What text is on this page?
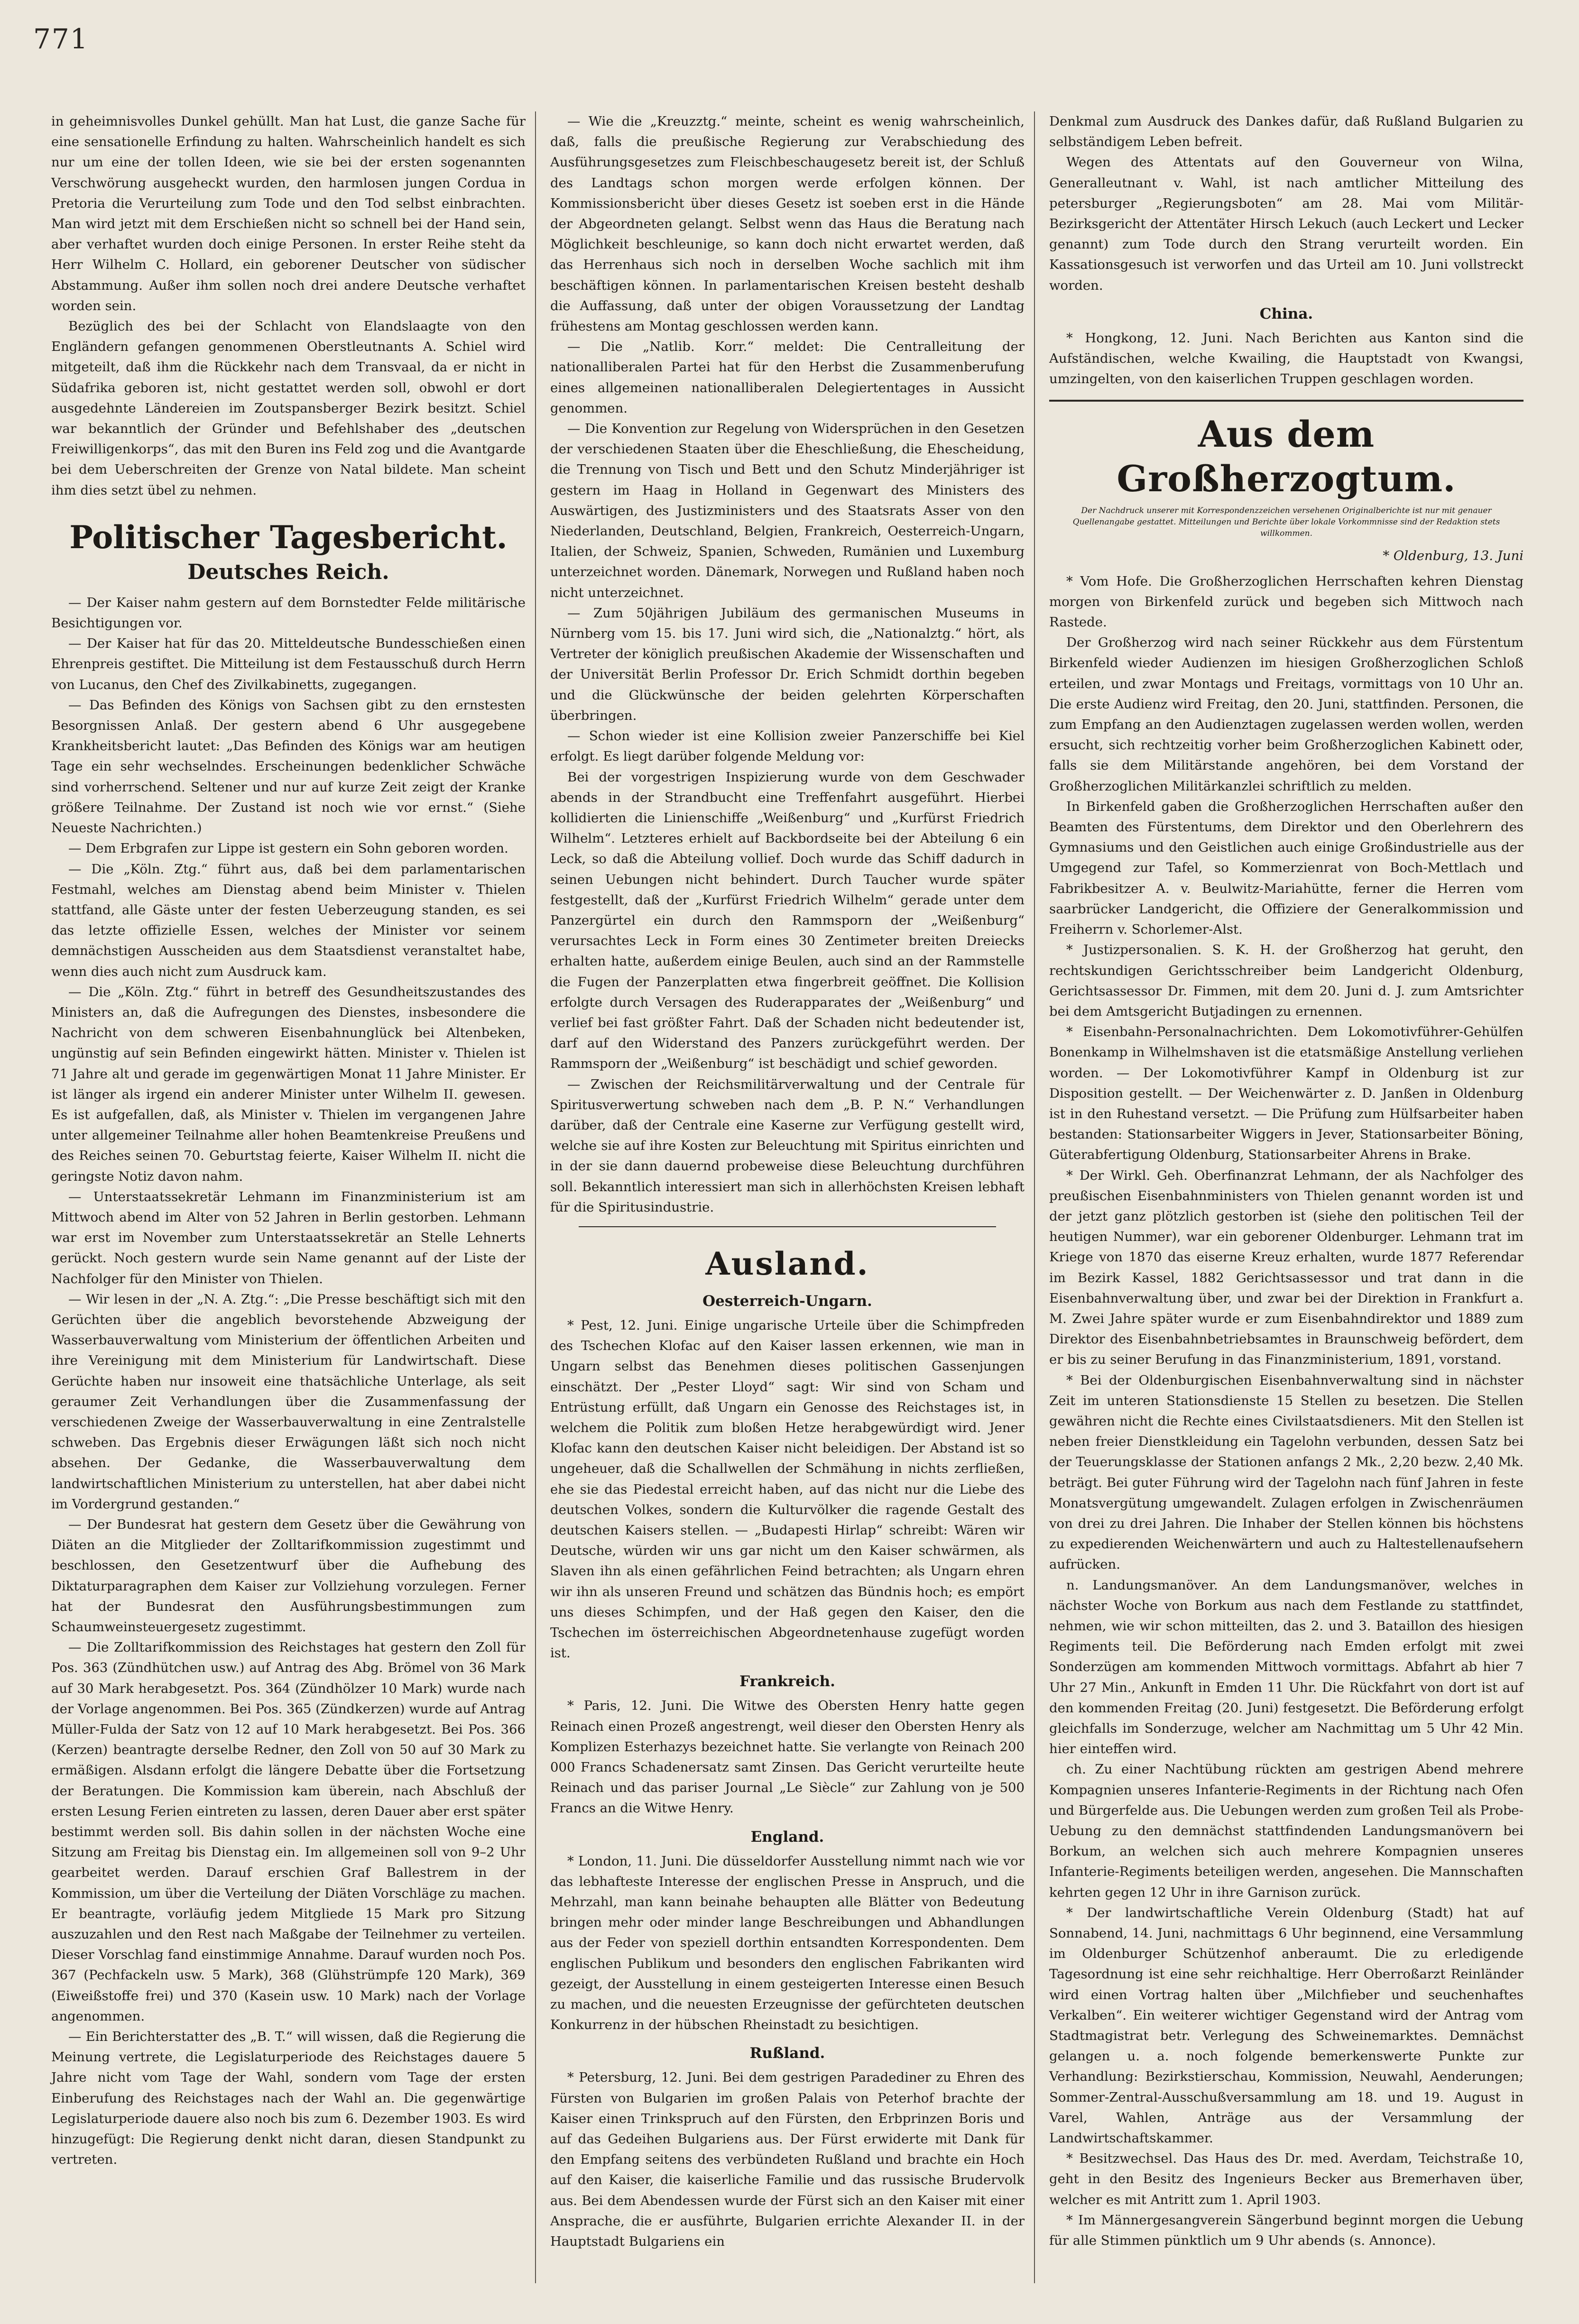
771

in geheimnisvolles Dunkel gehüllt. Man hat Lust, die ganze Sache für eine sensationelle Erfindung zu halten. Wahrscheinlich handelt es sich nur um eine der tollen Ideen, wie sie bei der ersten sogenannten Verschwörung ausgeheckt wurden, den harmlosen jungen Cordua in Pretoria die Verurteilung zum Tode und den Tod selbst einbrachten. Man wird jetzt mit dem Erschießen nicht so schnell bei der Hand sein, aber verhaftet wurden doch einige Personen. In erster Reihe steht da Herr Wilhelm C. Hollard, ein geborener Deutscher von südischer Abstammung. Außer ihm sollen noch drei andere Deutsche verhaftet worden sein.

Bezüglich des bei der Schlacht von Elandslaagte von den Engländern gefangen genommenen Oberstleutnants A. Schiel wird mitgeteilt, daß ihm die Rückkehr nach dem Transvaal, da er nicht in Südafrika geboren ist, nicht gestattet werden soll, obwohl er dort ausgedehnte Ländereien im Zoutspansberger Bezirk besitzt. Schiel war bekanntlich der Gründer und Befehlshaber des „deutschen Freiwilligenkorps“, das mit den Buren ins Feld zog und die Avantgarde bei dem Ueberschreiten der Grenze von Natal bildete. Man scheint ihm dies setzt übel zu nehmen.

Politischer Tagesbericht.
Deutsches Reich.

— Der Kaiser nahm gestern auf dem Bornstedter Felde militärische Besichtigungen vor.

— Der Kaiser hat für das 20. Mitteldeutsche Bundesschießen einen Ehrenpreis gestiftet. Die Mitteilung ist dem Festausschuß durch Herrn von Lucanus, den Chef des Zivilkabinetts, zugegangen.

— Das Befinden des Königs von Sachsen gibt zu den ernstesten Besorgnissen Anlaß. Der gestern abend 6 Uhr ausgegebene Krankheitsbericht lautet: „Das Befinden des Königs war am heutigen Tage ein sehr wechselndes. Erscheinungen bedenklicher Schwäche sind vorherrschend. Seltener und nur auf kurze Zeit zeigt der Kranke größere Teilnahme. Der Zustand ist noch wie vor ernst.“ (Siehe Neueste Nachrichten.)

— Dem Erbgrafen zur Lippe ist gestern ein Sohn geboren worden.

— Die „Köln. Ztg.“ führt aus, daß bei dem parlamentarischen Festmahl, welches am Dienstag abend beim Minister v. Thielen stattfand, alle Gäste unter der festen Ueberzeugung standen, es sei das letzte offizielle Essen, welches der Minister vor seinem demnächstigen Ausscheiden aus dem Staatsdienst veranstaltet habe, wenn dies auch nicht zum Ausdruck kam.

— Die „Köln. Ztg.“ führt in betreff des Gesundheitszustandes des Ministers an, daß die Aufregungen des Dienstes, insbesondere die Nachricht von dem schweren Eisenbahnunglück bei Altenbeken, ungünstig auf sein Befinden eingewirkt hätten. Minister v. Thielen ist 71 Jahre alt und gerade im gegenwärtigen Monat 11 Jahre Minister. Er ist länger als irgend ein anderer Minister unter Wilhelm II. gewesen. Es ist aufgefallen, daß, als Minister v. Thielen im vergangenen Jahre unter allgemeiner Teilnahme aller hohen Beamtenkreise Preußens und des Reiches seinen 70. Geburtstag feierte, Kaiser Wilhelm II. nicht die geringste Notiz davon nahm.

— Unterstaatssekretär Lehmann im Finanzministerium ist am Mittwoch abend im Alter von 52 Jahren in Berlin gestorben. Lehmann war erst im November zum Unterstaatssekretär an Stelle Lehnerts gerückt. Noch gestern wurde sein Name genannt auf der Liste der Nachfolger für den Minister von Thielen.

— Wir lesen in der „N. A. Ztg.“: „Die Presse beschäftigt sich mit den Gerüchten über die angeblich bevorstehende Abzweigung der Wasserbauverwaltung vom Ministerium der öffentlichen Arbeiten und ihre Vereinigung mit dem Ministerium für Landwirtschaft. Diese Gerüchte haben nur insoweit eine thatsächliche Unterlage, als seit geraumer Zeit Verhandlungen über die Zusammenfassung der verschiedenen Zweige der Wasserbauverwaltung in eine Zentralstelle schweben. Das Ergebnis dieser Erwägungen läßt sich noch nicht absehen. Der Gedanke, die Wasserbauverwaltung dem landwirtschaftlichen Ministerium zu unterstellen, hat aber dabei nicht im Vordergrund gestanden.“

— Der Bundesrat hat gestern dem Gesetz über die Gewährung von Diäten an die Mitglieder der Zolltarifkommission zugestimmt und beschlossen, den Gesetzentwurf über die Aufhebung des Diktaturparagraphen dem Kaiser zur Vollziehung vorzulegen. Ferner hat der Bundesrat den Ausführungsbestimmungen zum Schaumweinsteuergesetz zugestimmt.

— Die Zolltarifkommission des Reichstages hat gestern den Zoll für Pos. 363 (Zündhütchen usw.) auf Antrag des Abg. Brömel von 36 Mark auf 30 Mark herabgesetzt. Pos. 364 (Zündhölzer 10 Mark) wurde nach der Vorlage angenommen. Bei Pos. 365 (Zündkerzen) wurde auf Antrag Müller-Fulda der Satz von 12 auf 10 Mark herabgesetzt. Bei Pos. 366 (Kerzen) beantragte derselbe Redner, den Zoll von 50 auf 30 Mark zu ermäßigen. Alsdann erfolgt die längere Debatte über die Fortsetzung der Beratungen. Die Kommission kam überein, nach Abschluß der ersten Lesung Ferien eintreten zu lassen, deren Dauer aber erst später bestimmt werden soll. Bis dahin sollen in der nächsten Woche eine Sitzung am Freitag bis Dienstag ein. Im allgemeinen soll von 9–2 Uhr gearbeitet werden. Darauf erschien Graf Ballestrem in der Kommission, um über die Verteilung der Diäten Vorschläge zu machen. Er beantragte, vorläufig jedem Mitgliede 15 Mark pro Sitzung auszuzahlen und den Rest nach Maßgabe der Teilnehmer zu verteilen. Dieser Vorschlag fand einstimmige Annahme. Darauf wurden noch Pos. 367 (Pechfackeln usw. 5 Mark), 368 (Glühstrümpfe 120 Mark), 369 (Eiweißstoffe frei) und 370 (Kasein usw. 10 Mark) nach der Vorlage angenommen.

— Ein Berichterstatter des „B. T.“ will wissen, daß die Regierung die Meinung vertrete, die Legislaturperiode des Reichstages dauere 5 Jahre nicht vom Tage der Wahl, sondern vom Tage der ersten Einberufung des Reichstages nach der Wahl an. Die gegenwärtige Legislaturperiode dauere also noch bis zum 6. Dezember 1903. Es wird hinzugefügt: Die Regierung denkt nicht daran, diesen Standpunkt zu vertreten.

— Wie die „Kreuzztg.“ meinte, scheint es wenig wahrscheinlich, daß, falls die preußische Regierung zur Verabschiedung des Ausführungsgesetzes zum Fleischbeschaugesetz bereit ist, der Schluß des Landtags schon morgen werde erfolgen können. Der Kommissionsbericht über dieses Gesetz ist soeben erst in die Hände der Abgeordneten gelangt. Selbst wenn das Haus die Beratung nach Möglichkeit beschleunige, so kann doch nicht erwartet werden, daß das Herrenhaus sich noch in derselben Woche sachlich mit ihm beschäftigen können. In parlamentarischen Kreisen besteht deshalb die Auffassung, daß unter der obigen Voraussetzung der Landtag frühestens am Montag geschlossen werden kann.

— Die „Natlib. Korr.“ meldet: Die Centralleitung der nationalliberalen Partei hat für den Herbst die Zusammenberufung eines allgemeinen nationalliberalen Delegiertentages in Aussicht genommen.

— Die Konvention zur Regelung von Widersprüchen in den Gesetzen der verschiedenen Staaten über die Eheschließung, die Ehescheidung, die Trennung von Tisch und Bett und den Schutz Minderjähriger ist gestern im Haag in Holland in Gegenwart des Ministers des Auswärtigen, des Justizministers und des Staatsrats Asser von den Niederlanden, Deutschland, Belgien, Frankreich, Oesterreich-Ungarn, Italien, der Schweiz, Spanien, Schweden, Rumänien und Luxemburg unterzeichnet worden. Dänemark, Norwegen und Rußland haben noch nicht unterzeichnet.

— Zum 50jährigen Jubiläum des germanischen Museums in Nürnberg vom 15. bis 17. Juni wird sich, die „Nationalztg.“ hört, als Vertreter der königlich preußischen Akademie der Wissenschaften und der Universität Berlin Professor Dr. Erich Schmidt dorthin begeben und die Glückwünsche der beiden gelehrten Körperschaften überbringen.

— Schon wieder ist eine Kollision zweier Panzerschiffe bei Kiel erfolgt. Es liegt darüber folgende Meldung vor:

Bei der vorgestrigen Inspizierung wurde von dem Geschwader abends in der Strandbucht eine Treffenfahrt ausgeführt. Hierbei kollidierten die Linienschiffe „Weißenburg“ und „Kurfürst Friedrich Wilhelm“. Letzteres erhielt auf Backbordseite bei der Abteilung 6 ein Leck, so daß die Abteilung vollief. Doch wurde das Schiff dadurch in seinen Uebungen nicht behindert. Durch Taucher wurde später festgestellt, daß der „Kurfürst Friedrich Wilhelm“ gerade unter dem Panzergürtel ein durch den Rammsporn der „Weißenburg“ verursachtes Leck in Form eines 30 Zentimeter breiten Dreiecks erhalten hatte, außerdem einige Beulen, auch sind an der Rammstelle die Fugen der Panzerplatten etwa fingerbreit geöffnet. Die Kollision erfolgte durch Versagen des Ruderapparates der „Weißenburg“ und verlief bei fast größter Fahrt. Daß der Schaden nicht bedeutender ist, darf auf den Widerstand des Panzers zurückgeführt werden. Der Rammsporn der „Weißenburg“ ist beschädigt und schief geworden.

— Zwischen der Reichsmilitärverwaltung und der Centrale für Spiritusverwertung schweben nach dem „B. P. N.“ Verhandlungen darüber, daß der Centrale eine Kaserne zur Verfügung gestellt wird, welche sie auf ihre Kosten zur Beleuchtung mit Spiritus einrichten und in der sie dann dauernd probeweise diese Beleuchtung durchführen soll. Bekanntlich interessiert man sich in allerhöchsten Kreisen lebhaft für die Spiritusindustrie.

Ausland.
Oesterreich-Ungarn.

* Pest, 12. Juni. Einige ungarische Urteile über die Schimpfreden des Tschechen Klofac auf den Kaiser lassen erkennen, wie man in Ungarn selbst das Benehmen dieses politischen Gassenjungen einschätzt. Der „Pester Lloyd“ sagt: Wir sind von Scham und Entrüstung erfüllt, daß Ungarn ein Genosse des Reichstages ist, in welchem die Politik zum bloßen Hetze herabgewürdigt wird. Jener Klofac kann den deutschen Kaiser nicht beleidigen. Der Abstand ist so ungeheuer, daß die Schallwellen der Schmähung in nichts zerfließen, ehe sie das Piedestal erreicht haben, auf das nicht nur die Liebe des deutschen Volkes, sondern die Kulturvölker die ragende Gestalt des deutschen Kaisers stellen. — „Budapesti Hirlap“ schreibt: Wären wir Deutsche, würden wir uns gar nicht um den Kaiser schwärmen, als Slaven ihn als einen gefährlichen Feind betrachten; als Ungarn ehren wir ihn als unseren Freund und schätzen das Bündnis hoch; es empört uns dieses Schimpfen, und der Haß gegen den Kaiser, den die Tschechen im österreichischen Abgeordnetenhause zugefügt worden ist.

Frankreich.

* Paris, 12. Juni. Die Witwe des Obersten Henry hatte gegen Reinach einen Prozeß angestrengt, weil dieser den Obersten Henry als Komplizen Esterhazys bezeichnet hatte. Sie verlangte von Reinach 200 000 Francs Schadenersatz samt Zinsen. Das Gericht verurteilte heute Reinach und das pariser Journal „Le Siècle“ zur Zahlung von je 500 Francs an die Witwe Henry.

England.

* London, 11. Juni. Die düsseldorfer Ausstellung nimmt nach wie vor das lebhafteste Interesse der englischen Presse in Anspruch, und die Mehrzahl, man kann beinahe behaupten alle Blätter von Bedeutung bringen mehr oder minder lange Beschreibungen und Abhandlungen aus der Feder von speziell dorthin entsandten Korrespondenten. Dem englischen Publikum und besonders den englischen Fabrikanten wird gezeigt, der Ausstellung in einem gesteigerten Interesse einen Besuch zu machen, und die neuesten Erzeugnisse der gefürchteten deutschen Konkurrenz in der hübschen Rheinstadt zu besichtigen.

Rußland.

* Petersburg, 12. Juni. Bei dem gestrigen Paradediner zu Ehren des Fürsten von Bulgarien im großen Palais von Peterhof brachte der Kaiser einen Trinkspruch auf den Fürsten, den Erbprinzen Boris und auf das Gedeihen Bulgariens aus. Der Fürst erwiderte mit Dank für den Empfang seitens des verbündeten Rußland und brachte ein Hoch auf den Kaiser, die kaiserliche Familie und das russische Brudervolk aus. Bei dem Abendessen wurde der Fürst sich an den Kaiser mit einer Ansprache, die er ausführte, Bulgarien errichte Alexander II. in der Hauptstadt Bulgariens ein

Denkmal zum Ausdruck des Dankes dafür, daß Rußland Bulgarien zu selbständigem Leben befreit.

Wegen des Attentats auf den Gouverneur von Wilna, Generalleutnant v. Wahl, ist nach amtlicher Mitteilung des petersburger „Regierungsboten“ am 28. Mai vom Militär-Bezirksgericht der Attentäter Hirsch Lekuch (auch Leckert und Lecker genannt) zum Tode durch den Strang verurteilt worden. Ein Kassationsgesuch ist verworfen und das Urteil am 10. Juni vollstreckt worden.

China.

* Hongkong, 12. Juni. Nach Berichten aus Kanton sind die Aufständischen, welche Kwailing, die Hauptstadt von Kwangsi, umzingelten, von den kaiserlichen Truppen geschlagen worden.

Aus dem Großherzogtum.
Der Nachdruck unserer mit Korrespondenzzeichen versehenen Originalberichte ist nur mit genauer Quellenangabe gestattet. Mitteilungen und Berichte über lokale Vorkommnisse sind der Redaktion stets willkommen.
* Oldenburg, 13. Juni

* Vom Hofe. Die Großherzoglichen Herrschaften kehren Dienstag morgen von Birkenfeld zurück und begeben sich Mittwoch nach Rastede.

Der Großherzog wird nach seiner Rückkehr aus dem Fürstentum Birkenfeld wieder Audienzen im hiesigen Großherzoglichen Schloß erteilen, und zwar Montags und Freitags, vormittags von 10 Uhr an. Die erste Audienz wird Freitag, den 20. Juni, stattfinden. Personen, die zum Empfang an den Audienztagen zugelassen werden wollen, werden ersucht, sich rechtzeitig vorher beim Großherzoglichen Kabinett oder, falls sie dem Militärstande angehören, bei dem Vorstand der Großherzoglichen Militärkanzlei schriftlich zu melden.

In Birkenfeld gaben die Großherzoglichen Herrschaften außer den Beamten des Fürstentums, dem Direktor und den Oberlehrern des Gymnasiums und den Geistlichen auch einige Großindustrielle aus der Umgegend zur Tafel, so Kommerzienrat von Boch-Mettlach und Fabrikbesitzer A. v. Beulwitz-Mariahütte, ferner die Herren vom saarbrücker Landgericht, die Offiziere der Generalkommission und Freiherrn v. Schorlemer-Alst.

* Justizpersonalien. S. K. H. der Großherzog hat geruht, den rechtskundigen Gerichtsschreiber beim Landgericht Oldenburg, Gerichtsassessor Dr. Fimmen, mit dem 20. Juni d. J. zum Amtsrichter bei dem Amtsgericht Butjadingen zu ernennen.

* Eisenbahn-Personalnachrichten. Dem Lokomotivführer-Gehülfen Bonenkamp in Wilhelmshaven ist die etatsmäßige Anstellung verliehen worden. — Der Lokomotivführer Kampf in Oldenburg ist zur Disposition gestellt. — Der Weichenwärter z. D. Janßen in Oldenburg ist in den Ruhestand versetzt. — Die Prüfung zum Hülfsarbeiter haben bestanden: Stationsarbeiter Wiggers in Jever, Stationsarbeiter Böning, Güterabfertigung Oldenburg, Stationsarbeiter Ahrens in Brake.

* Der Wirkl. Geh. Oberfinanzrat Lehmann, der als Nachfolger des preußischen Eisenbahnministers von Thielen genannt worden ist und der jetzt ganz plötzlich gestorben ist (siehe den politischen Teil der heutigen Nummer), war ein geborener Oldenburger. Lehmann trat im Kriege von 1870 das eiserne Kreuz erhalten, wurde 1877 Referendar im Bezirk Kassel, 1882 Gerichtsassessor und trat dann in die Eisenbahnverwaltung über, und zwar bei der Direktion in Frankfurt a. M. Zwei Jahre später wurde er zum Eisenbahndirektor und 1889 zum Direktor des Eisenbahnbetriebsamtes in Braunschweig befördert, dem er bis zu seiner Berufung in das Finanzministerium, 1891, vorstand.

* Bei der Oldenburgischen Eisenbahnverwaltung sind in nächster Zeit im unteren Stationsdienste 15 Stellen zu besetzen. Die Stellen gewähren nicht die Rechte eines Civilstaatsdieners. Mit den Stellen ist neben freier Dienstkleidung ein Tagelohn verbunden, dessen Satz bei der Teuerungsklasse der Stationen anfangs 2 Mk., 2,20 bezw. 2,40 Mk. beträgt. Bei guter Führung wird der Tagelohn nach fünf Jahren in feste Monatsvergütung umgewandelt. Zulagen erfolgen in Zwischenräumen von drei zu drei Jahren. Die Inhaber der Stellen können bis höchstens zu expedierenden Weichenwärtern und auch zu Haltestellenaufsehern aufrücken.

n. Landungsmanöver. An dem Landungsmanöver, welches in nächster Woche von Borkum aus nach dem Festlande zu stattfindet, nehmen, wie wir schon mitteilten, das 2. und 3. Bataillon des hiesigen Regiments teil. Die Beförderung nach Emden erfolgt mit zwei Sonderzügen am kommenden Mittwoch vormittags. Abfahrt ab hier 7 Uhr 27 Min., Ankunft in Emden 11 Uhr. Die Rückfahrt von dort ist auf den kommenden Freitag (20. Juni) festgesetzt. Die Beförderung erfolgt gleichfalls im Sonderzuge, welcher am Nachmittag um 5 Uhr 42 Min. hier einteffen wird.

ch. Zu einer Nachtübung rückten am gestrigen Abend mehrere Kompagnien unseres Infanterie-Regiments in der Richtung nach Ofen und Bürgerfelde aus. Die Uebungen werden zum großen Teil als Probe-Uebung zu den demnächst stattfindenden Landungsmanövern bei Borkum, an welchen sich auch mehrere Kompagnien unseres Infanterie-Regiments beteiligen werden, angesehen. Die Mannschaften kehrten gegen 12 Uhr in ihre Garnison zurück.

* Der landwirtschaftliche Verein Oldenburg (Stadt) hat auf Sonnabend, 14. Juni, nachmittags 6 Uhr beginnend, eine Versammlung im Oldenburger Schützenhof anberaumt. Die zu erledigende Tagesordnung ist eine sehr reichhaltige. Herr Oberroßarzt Reinländer wird einen Vortrag halten über „Milchfieber und seuchenhaftes Verkalben“. Ein weiterer wichtiger Gegenstand wird der Antrag vom Stadtmagistrat betr. Verlegung des Schweinemarktes. Demnächst gelangen u. a. noch folgende bemerkenswerte Punkte zur Verhandlung: Bezirkstierschau, Kommission, Neuwahl, Aenderungen; Sommer-Zentral-Ausschußversammlung am 18. und 19. August in Varel, Wahlen, Anträge aus der Versammlung der Landwirtschaftskammer.

* Besitzwechsel. Das Haus des Dr. med. Averdam, Teichstraße 10, geht in den Besitz des Ingenieurs Becker aus Bremerhaven über, welcher es mit Antritt zum 1. April 1903.

* Im Männergesangverein Sängerbund beginnt morgen die Uebung für alle Stimmen pünktlich um 9 Uhr abends (s. Annonce).
